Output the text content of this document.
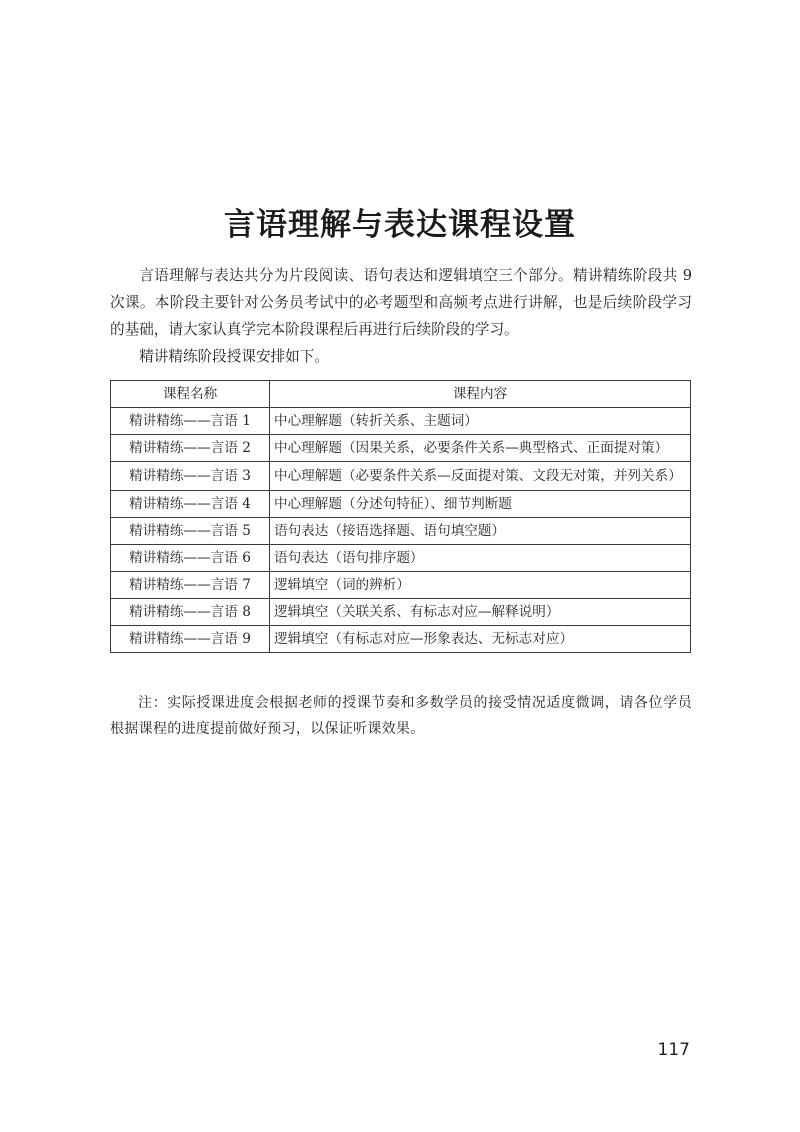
言语理解与表达课程设置

言语理解与表达共分为片段阅读、语句表达和逻辑填空三个部分。精讲精练阶段共 9 次课。本阶段主要针对公务员考试中的必考题型和高频考点进行讲解，也是后续阶段学习的基础，请大家认真学完本阶段课程后再进行后续阶段的学习。

精讲精练阶段授课安排如下。

课程名称	课程内容
精讲精练——言语 1	中心理解题（转折关系、主题词）
精讲精练——言语 2	中心理解题（因果关系，必要条件关系—典型格式、正面提对策）
精讲精练——言语 3	中心理解题（必要条件关系—反面提对策、文段无对策，并列关系）
精讲精练——言语 4	中心理解题（分述句特征）、细节判断题
精讲精练——言语 5	语句表达（接语选择题、语句填空题）
精讲精练——言语 6	语句表达（语句排序题）
精讲精练——言语 7	逻辑填空（词的辨析）
精讲精练——言语 8	逻辑填空（关联关系、有标志对应—解释说明）
精讲精练——言语 9	逻辑填空（有标志对应—形象表达、无标志对应）

注：实际授课进度会根据老师的授课节奏和多数学员的接受情况适度微调，请各位学员根据课程的进度提前做好预习，以保证听课效果。

117
